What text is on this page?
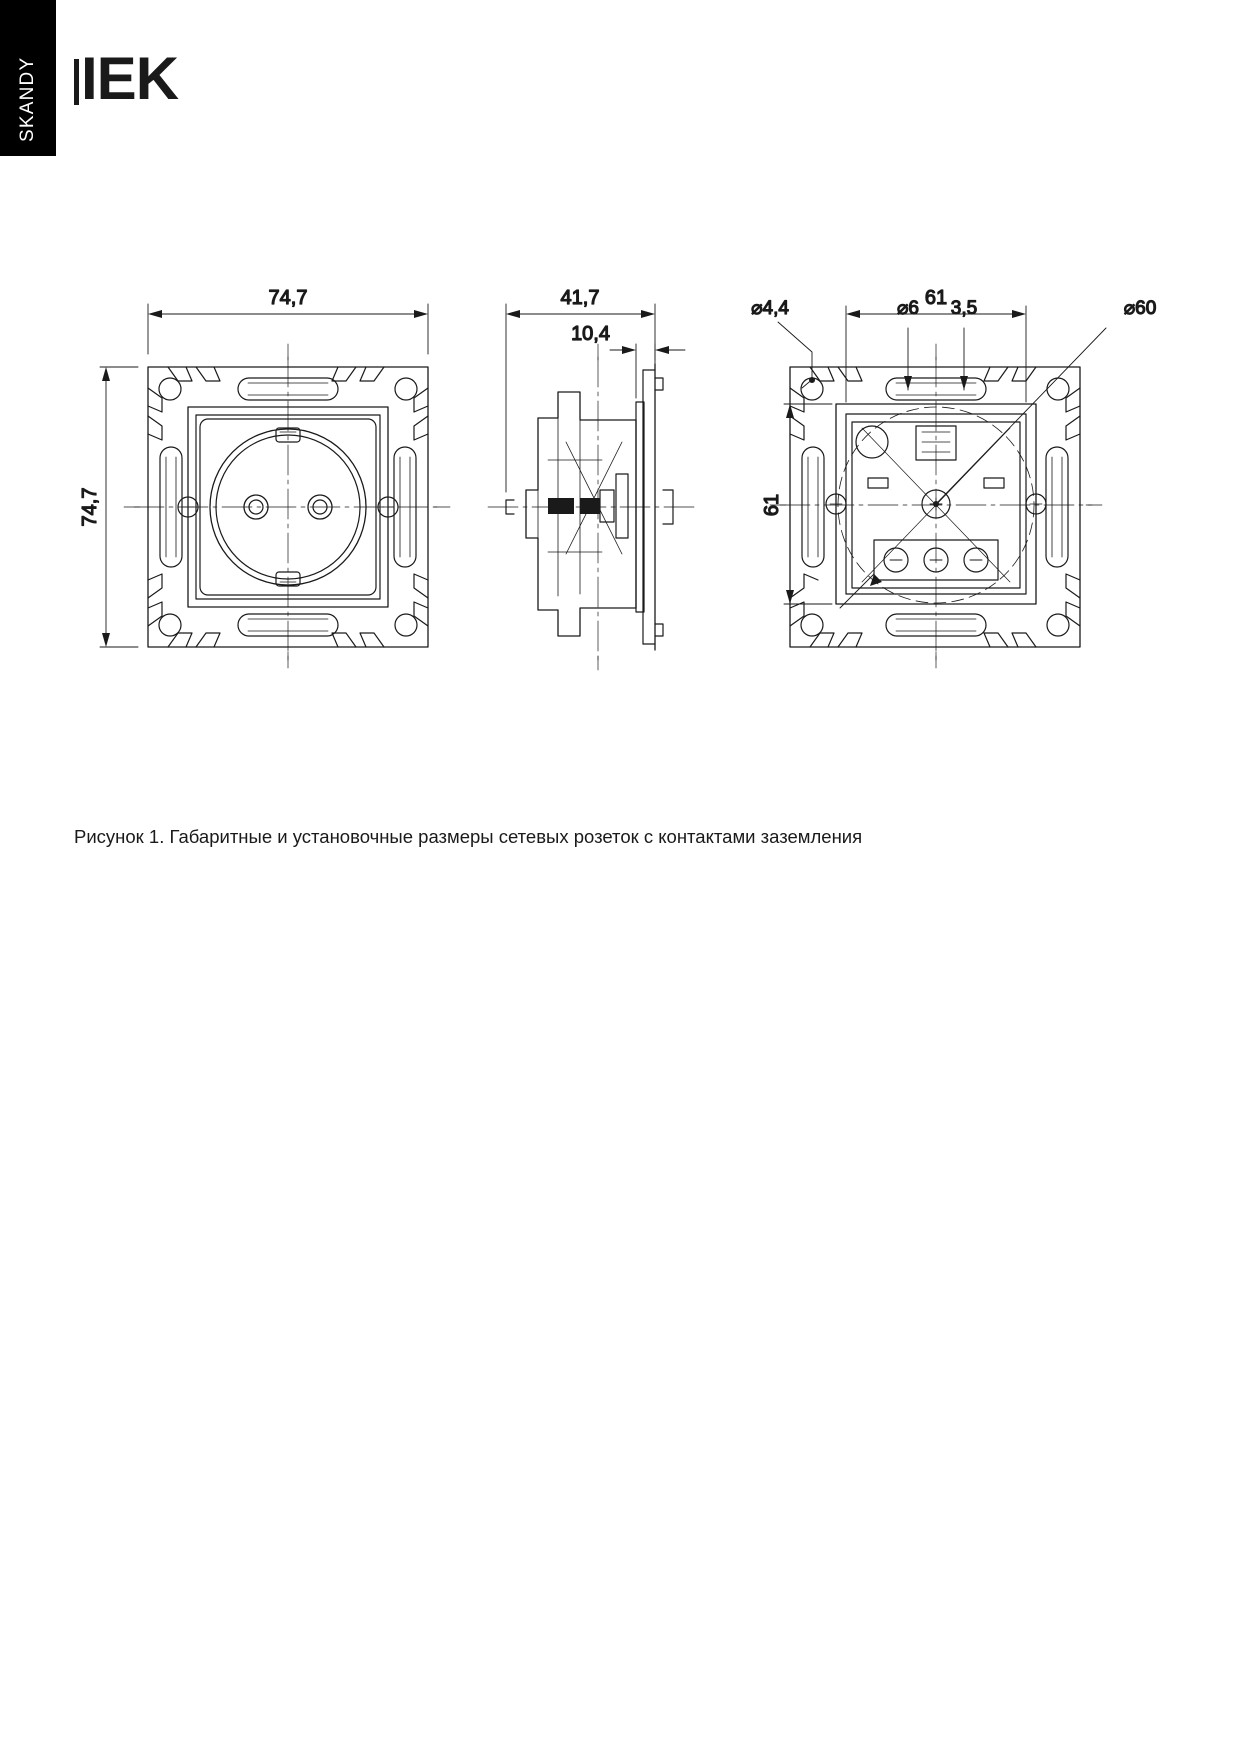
SKANDY IEK
74,7
74,7
41,7
10,4
61
61
⌀4,4	⌀6 3,5	⌀60
Рисунок 1. Габаритные и установочные размеры сетевых розеток с контактами заземления
